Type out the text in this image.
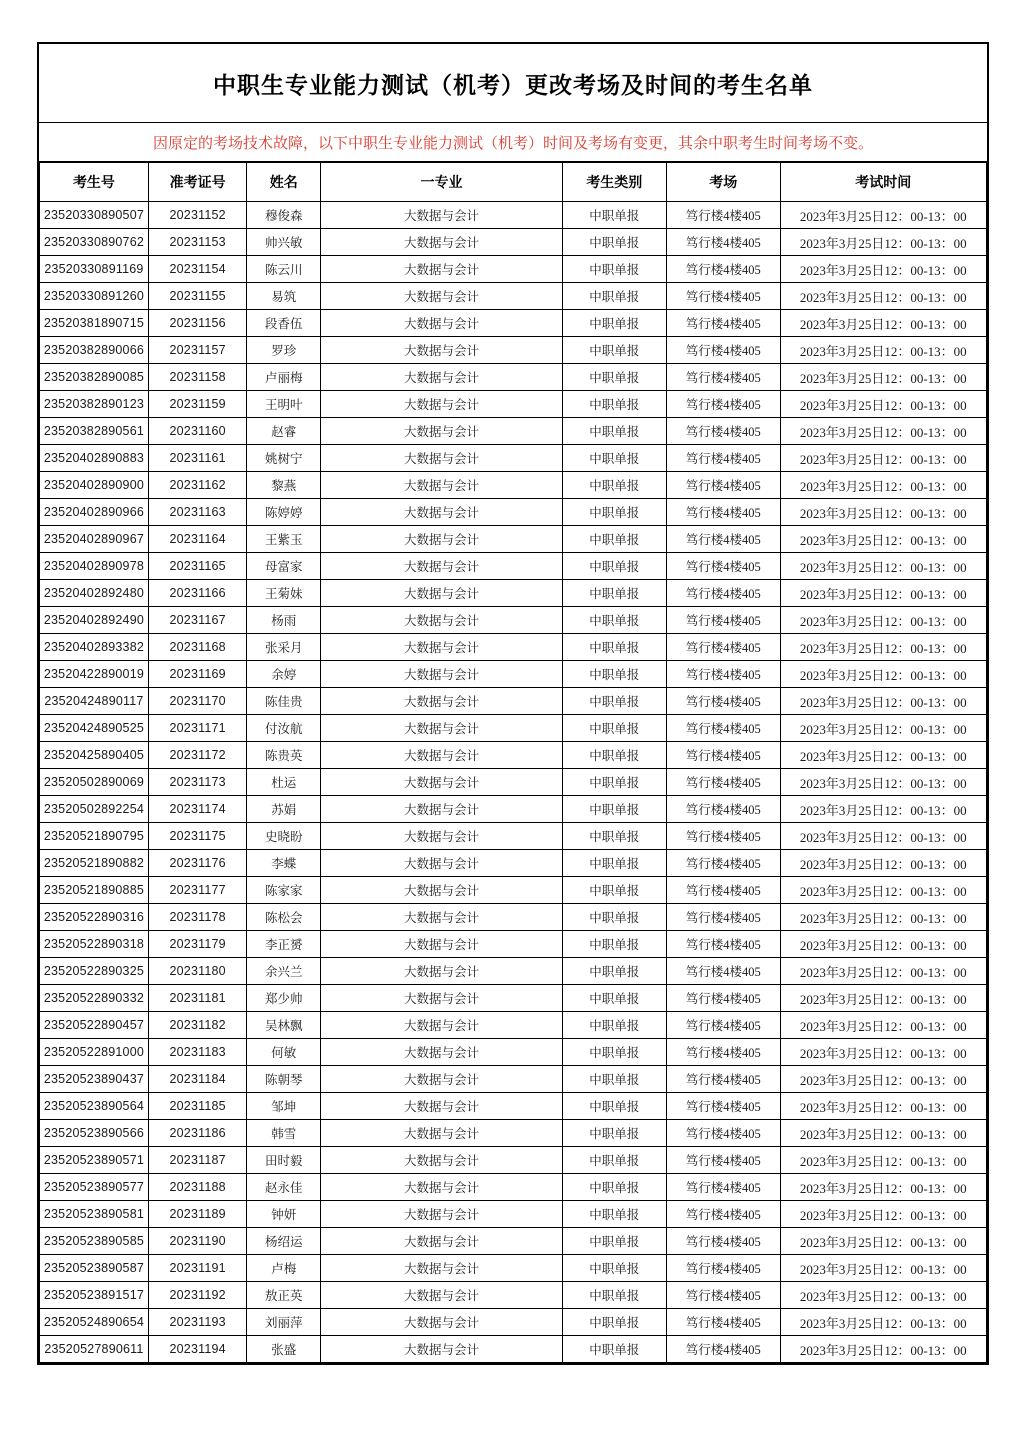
中职生专业能力测试（机考）更改考场及时间的考生名单
因原定的考场技术故障，以下中职生专业能力测试（机考）时间及考场有变更，其余中职考生时间考场不变。
考生号	准考证号	姓名	一专业	考生类别	考场	考试时间
23520330890507	20231152	穆俊森	大数据与会计	中职单报	笃行楼4楼405	2023年3月25日12：00-13：00
23520330890762	20231153	帅兴敏	大数据与会计	中职单报	笃行楼4楼405	2023年3月25日12：00-13：00
23520330891169	20231154	陈云川	大数据与会计	中职单报	笃行楼4楼405	2023年3月25日12：00-13：00
23520330891260	20231155	易筑	大数据与会计	中职单报	笃行楼4楼405	2023年3月25日12：00-13：00
23520381890715	20231156	段香伍	大数据与会计	中职单报	笃行楼4楼405	2023年3月25日12：00-13：00
23520382890066	20231157	罗珍	大数据与会计	中职单报	笃行楼4楼405	2023年3月25日12：00-13：00
23520382890085	20231158	卢丽梅	大数据与会计	中职单报	笃行楼4楼405	2023年3月25日12：00-13：00
23520382890123	20231159	王明叶	大数据与会计	中职单报	笃行楼4楼405	2023年3月25日12：00-13：00
23520382890561	20231160	赵睿	大数据与会计	中职单报	笃行楼4楼405	2023年3月25日12：00-13：00
23520402890883	20231161	姚树宁	大数据与会计	中职单报	笃行楼4楼405	2023年3月25日12：00-13：00
23520402890900	20231162	黎燕	大数据与会计	中职单报	笃行楼4楼405	2023年3月25日12：00-13：00
23520402890966	20231163	陈婷婷	大数据与会计	中职单报	笃行楼4楼405	2023年3月25日12：00-13：00
23520402890967	20231164	王紫玉	大数据与会计	中职单报	笃行楼4楼405	2023年3月25日12：00-13：00
23520402890978	20231165	母富家	大数据与会计	中职单报	笃行楼4楼405	2023年3月25日12：00-13：00
23520402892480	20231166	王菊妹	大数据与会计	中职单报	笃行楼4楼405	2023年3月25日12：00-13：00
23520402892490	20231167	杨雨	大数据与会计	中职单报	笃行楼4楼405	2023年3月25日12：00-13：00
23520402893382	20231168	张采月	大数据与会计	中职单报	笃行楼4楼405	2023年3月25日12：00-13：00
23520422890019	20231169	余婷	大数据与会计	中职单报	笃行楼4楼405	2023年3月25日12：00-13：00
23520424890117	20231170	陈佳贵	大数据与会计	中职单报	笃行楼4楼405	2023年3月25日12：00-13：00
23520424890525	20231171	付汝航	大数据与会计	中职单报	笃行楼4楼405	2023年3月25日12：00-13：00
23520425890405	20231172	陈贵英	大数据与会计	中职单报	笃行楼4楼405	2023年3月25日12：00-13：00
23520502890069	20231173	杜运	大数据与会计	中职单报	笃行楼4楼405	2023年3月25日12：00-13：00
23520502892254	20231174	苏娟	大数据与会计	中职单报	笃行楼4楼405	2023年3月25日12：00-13：00
23520521890795	20231175	史晓盼	大数据与会计	中职单报	笃行楼4楼405	2023年3月25日12：00-13：00
23520521890882	20231176	李蝶	大数据与会计	中职单报	笃行楼4楼405	2023年3月25日12：00-13：00
23520521890885	20231177	陈家家	大数据与会计	中职单报	笃行楼4楼405	2023年3月25日12：00-13：00
23520522890316	20231178	陈松会	大数据与会计	中职单报	笃行楼4楼405	2023年3月25日12：00-13：00
23520522890318	20231179	李正赟	大数据与会计	中职单报	笃行楼4楼405	2023年3月25日12：00-13：00
23520522890325	20231180	余兴兰	大数据与会计	中职单报	笃行楼4楼405	2023年3月25日12：00-13：00
23520522890332	20231181	郑少帅	大数据与会计	中职单报	笃行楼4楼405	2023年3月25日12：00-13：00
23520522890457	20231182	吴林飘	大数据与会计	中职单报	笃行楼4楼405	2023年3月25日12：00-13：00
23520522891000	20231183	何敏	大数据与会计	中职单报	笃行楼4楼405	2023年3月25日12：00-13：00
23520523890437	20231184	陈朝琴	大数据与会计	中职单报	笃行楼4楼405	2023年3月25日12：00-13：00
23520523890564	20231185	邹坤	大数据与会计	中职单报	笃行楼4楼405	2023年3月25日12：00-13：00
23520523890566	20231186	韩雪	大数据与会计	中职单报	笃行楼4楼405	2023年3月25日12：00-13：00
23520523890571	20231187	田时毅	大数据与会计	中职单报	笃行楼4楼405	2023年3月25日12：00-13：00
23520523890577	20231188	赵永佳	大数据与会计	中职单报	笃行楼4楼405	2023年3月25日12：00-13：00
23520523890581	20231189	钟妍	大数据与会计	中职单报	笃行楼4楼405	2023年3月25日12：00-13：00
23520523890585	20231190	杨绍运	大数据与会计	中职单报	笃行楼4楼405	2023年3月25日12：00-13：00
23520523890587	20231191	卢梅	大数据与会计	中职单报	笃行楼4楼405	2023年3月25日12：00-13：00
23520523891517	20231192	敖正英	大数据与会计	中职单报	笃行楼4楼405	2023年3月25日12：00-13：00
23520524890654	20231193	刘丽萍	大数据与会计	中职单报	笃行楼4楼405	2023年3月25日12：00-13：00
23520527890611	20231194	张盛	大数据与会计	中职单报	笃行楼4楼405	2023年3月25日12：00-13：00
